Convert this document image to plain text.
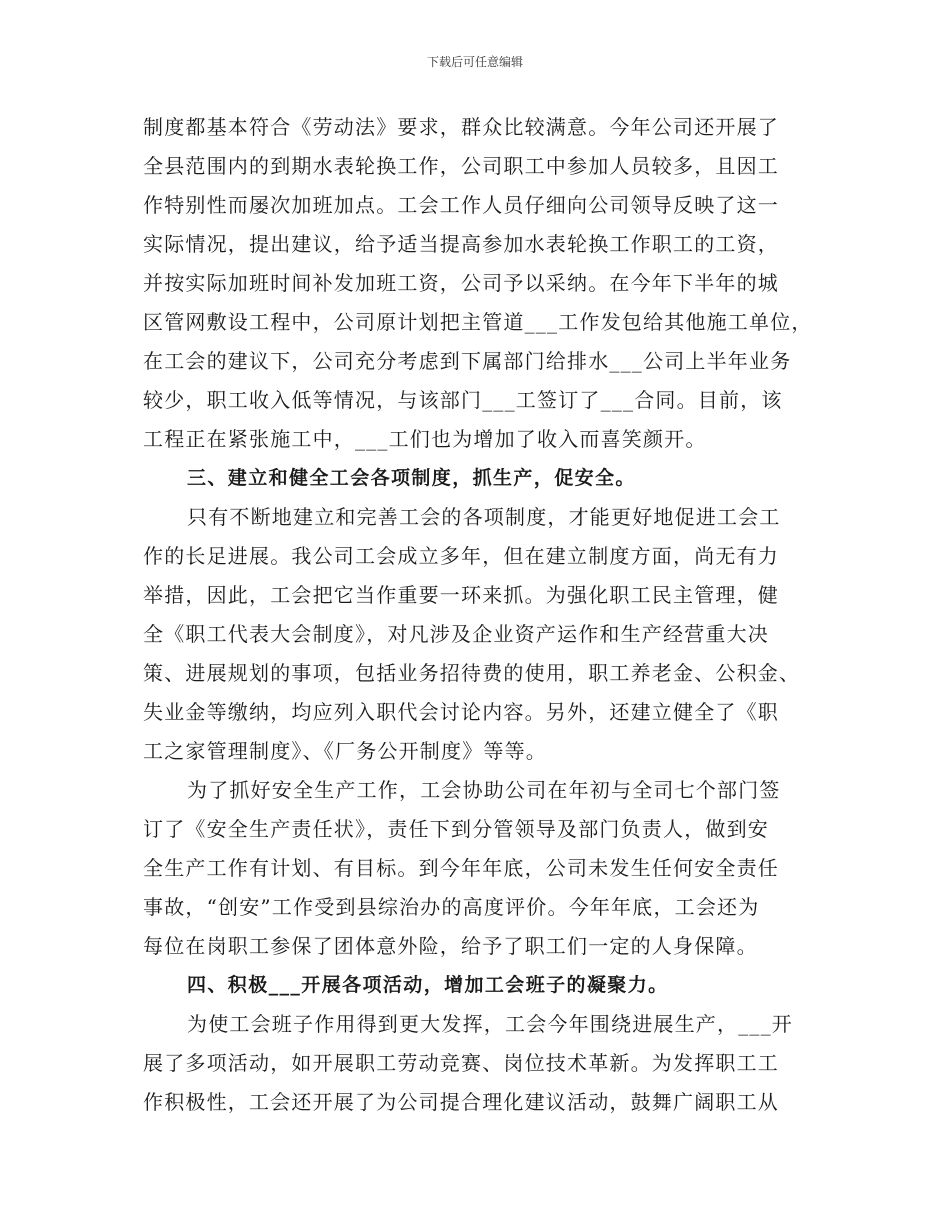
下载后可任意编辑
制度都基本符合《劳动法》要求，群众比较满意。今年公司还开展了
全县范围内的到期水表轮换工作，公司职工中参加人员较多，且因工
作特别性而屡次加班加点。工会工作人员仔细向公司领导反映了这一
实际情况，提出建议，给予适当提高参加水表轮换工作职工的工资，
并按实际加班时间补发加班工资，公司予以采纳。在今年下半年的城
区管网敷设工程中，公司原计划把主管道___工作发包给其他施工单位，
在工会的建议下，公司充分考虑到下属部门给排水___公司上半年业务
较少，职工收入低等情况，与该部门___工签订了___合同。目前，该
工程正在紧张施工中，___工们也为增加了收入而喜笑颜开。
三、建立和健全工会各项制度，抓生产，促安全。
只有不断地建立和完善工会的各项制度，才能更好地促进工会工
作的长足进展。我公司工会成立多年，但在建立制度方面，尚无有力
举措，因此，工会把它当作重要一环来抓。为强化职工民主管理，健
全《职工代表大会制度》，对凡涉及企业资产运作和生产经营重大决
策、进展规划的事项，包括业务招待费的使用，职工养老金、公积金、
失业金等缴纳，均应列入职代会讨论内容。另外，还建立健全了《职
工之家管理制度》、《厂务公开制度》等等。
为了抓好安全生产工作，工会协助公司在年初与全司七个部门签
订了《安全生产责任状》，责任下到分管领导及部门负责人，做到安
全生产工作有计划、有目标。到今年年底，公司未发生任何安全责任
事故，“创安”工作受到县综治办的高度评价。今年年底，工会还为
每位在岗职工参保了团体意外险，给予了职工们一定的人身保障。
四、积极___开展各项活动，增加工会班子的凝聚力。
为使工会班子作用得到更大发挥，工会今年围绕进展生产，___开
展了多项活动，如开展职工劳动竞赛、岗位技术革新。为发挥职工工
作积极性，工会还开展了为公司提合理化建议活动，鼓舞广阔职工从
